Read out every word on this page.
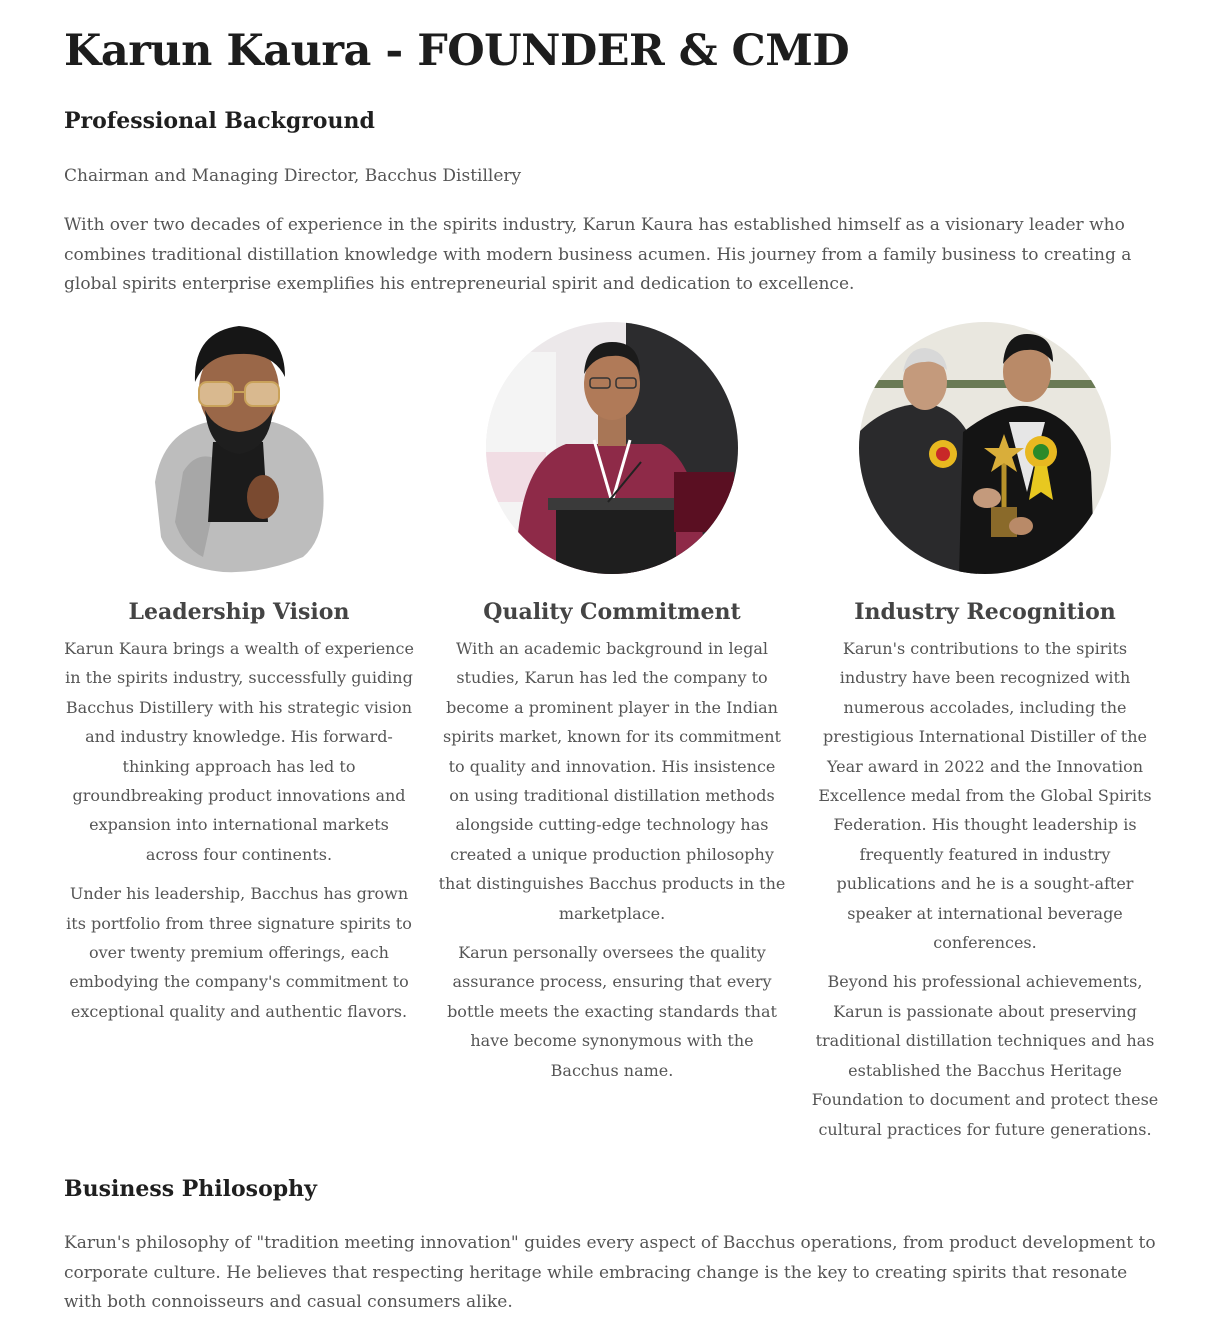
Karun Kaura - FOUNDER & CMD
Professional Background

Chairman and Managing Director, Bacchus Distillery

With over two decades of experience in the spirits industry, Karun Kaura has established himself as a visionary leader who combines traditional distillation knowledge with modern business acumen. His journey from a family business to creating a global spirits enterprise exemplifies his entrepreneurial spirit and dedication to excellence.

Leadership Vision

Karun Kaura brings a wealth of experience in the spirits industry, successfully guiding Bacchus Distillery with his strategic vision and industry knowledge. His forward-thinking approach has led to groundbreaking product innovations and expansion into international markets across four continents.

Under his leadership, Bacchus has grown its portfolio from three signature spirits to over twenty premium offerings, each embodying the company's commitment to exceptional quality and authentic flavors.

Quality Commitment

With an academic background in legal studies, Karun has led the company to become a prominent player in the Indian spirits market, known for its commitment to quality and innovation. His insistence on using traditional distillation methods alongside cutting-edge technology has created a unique production philosophy that distinguishes Bacchus products in the marketplace.

Karun personally oversees the quality assurance process, ensuring that every bottle meets the exacting standards that have become synonymous with the Bacchus name.

Industry Recognition

Karun's contributions to the spirits industry have been recognized with numerous accolades, including the prestigious International Distiller of the Year award in 2022 and the Innovation Excellence medal from the Global Spirits Federation. His thought leadership is frequently featured in industry publications and he is a sought-after speaker at international beverage conferences.

Beyond his professional achievements, Karun is passionate about preserving traditional distillation techniques and has established the Bacchus Heritage Foundation to document and protect these cultural practices for future generations.

Business Philosophy

Karun's philosophy of "tradition meeting innovation" guides every aspect of Bacchus operations, from product development to corporate culture. He believes that respecting heritage while embracing change is the key to creating spirits that resonate with both connoisseurs and casual consumers alike.
